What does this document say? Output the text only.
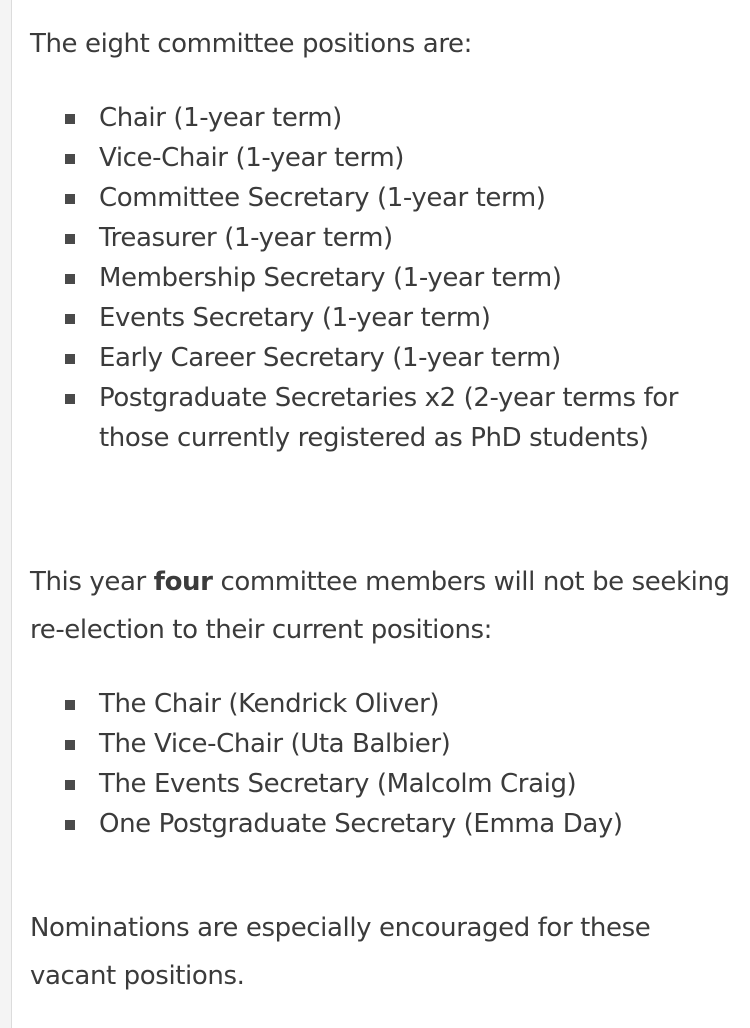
The eight committee positions are:

Chair (1-year term)
Vice-Chair (1-year term)
Committee Secretary (1-year term)
Treasurer (1-year term)
Membership Secretary (1-year term)
Events Secretary (1-year term)
Early Career Secretary (1-year term)
Postgraduate Secretaries x2 (2-year terms for those currently registered as PhD students)

This year four committee members will not be seeking re-election to their current positions:

The Chair (Kendrick Oliver)
The Vice-Chair (Uta Balbier)
The Events Secretary (Malcolm Craig)
One Postgraduate Secretary (Emma Day)

Nominations are especially encouraged for these vacant positions.
